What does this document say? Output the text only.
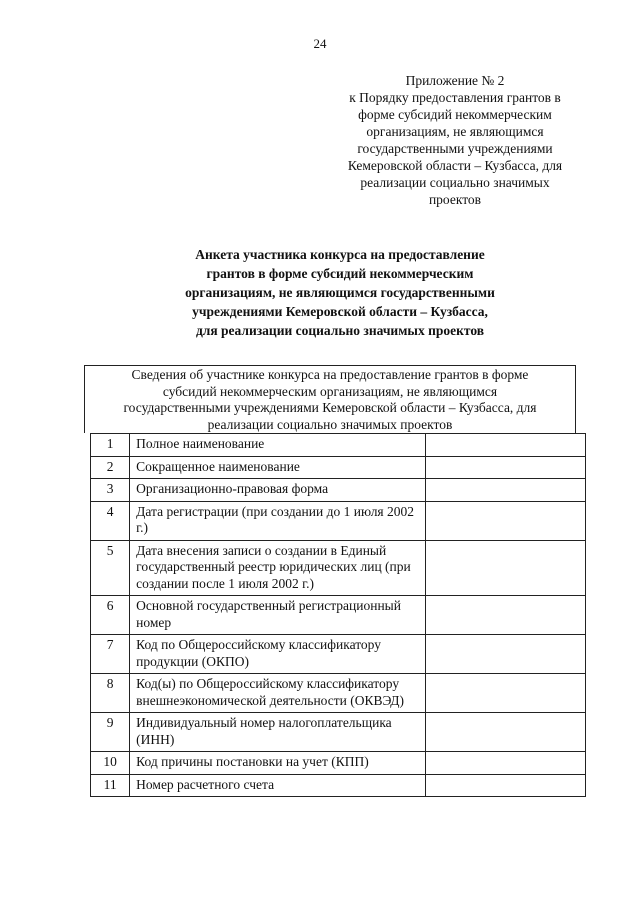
24
Приложение № 2
к Порядку предоставления грантов в
форме субсидий некоммерческим
организациям, не являющимся
государственными учреждениями
Кемеровской области – Кузбасса, для
реализации социально значимых
проектов
Анкета участника конкурса на предоставление
грантов в форме субсидий некоммерческим
организациям, не являющимся государственными
учреждениями Кемеровской области – Кузбасса,
для реализации социально значимых проектов
Сведения об участнике конкурса на предоставление грантов в форме
субсидий некоммерческим организациям, не являющимся
государственными учреждениями Кемеровской области – Кузбасса, для
реализации социально значимых проектов
1	Полное наименование	
2	Сокращенное наименование	
3	Организационно-правовая форма	
4	Дата регистрации (при создании до 1 июля 2002 г.)	
5	Дата внесения записи о создании в Единый государственный реестр юридических лиц (при создании после 1 июля 2002 г.)	
6	Основной государственный регистрационный номер	
7	Код по Общероссийскому классификатору продукции (ОКПО)	
8	Код(ы) по Общероссийскому классификатору внешнеэкономической деятельности (ОКВЭД)	
9	Индивидуальный номер налогоплательщика (ИНН)	
10	Код причины постановки на учет (КПП)	
11	Номер расчетного счета	
